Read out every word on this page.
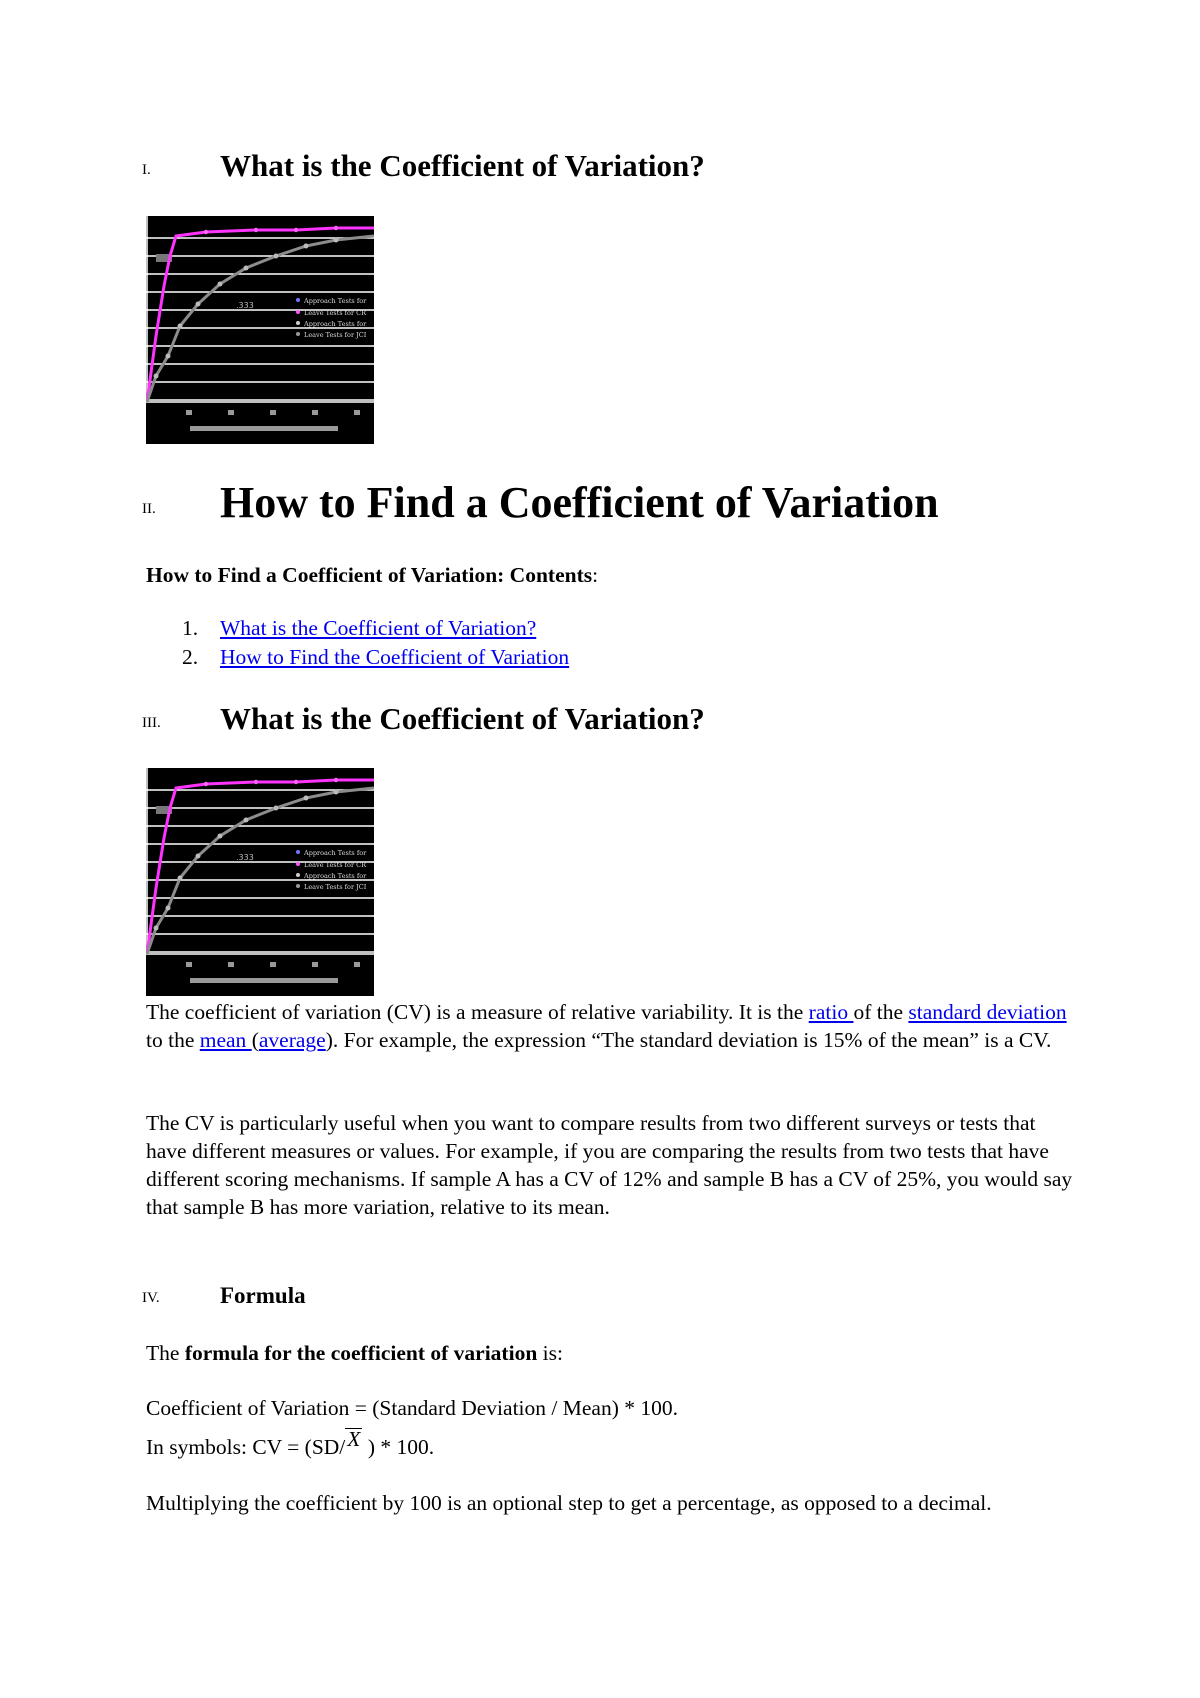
I. What is the Coefficient of Variation?
.333	Approach Tests for
Leave Tests for CR
Approach Tests for
Leave Tests for JCI
II. How to Find a Coefficient of Variation
How to Find a Coefficient of Variation: Contents:
1. What is the Coefficient of Variation?
2. How to Find the Coefficient of Variation
III. What is the Coefficient of Variation?
.333	Approach Tests for
Leave Tests for CR
Approach Tests for
Leave Tests for JCI
The coefficient of variation (CV) is a measure of relative variability. It is the ratio of the standard deviation to the mean (average). For example, the expression “The standard deviation is 15% of the mean” is a CV.
The CV is particularly useful when you want to compare results from two different surveys or tests that have different measures or values. For example, if you are comparing the results from two tests that have different scoring mechanisms. If sample A has a CV of 12% and sample B has a CV of 25%, you would say that sample B has more variation, relative to its mean.
IV.	Formula
The formula for the coefficient of variation is:
Coefficient of Variation = (Standard Deviation / Mean) * 100.
In symbols: CV = (SD/X ) * 100.
Multiplying the coefficient by 100 is an optional step to get a percentage, as opposed to a decimal.
